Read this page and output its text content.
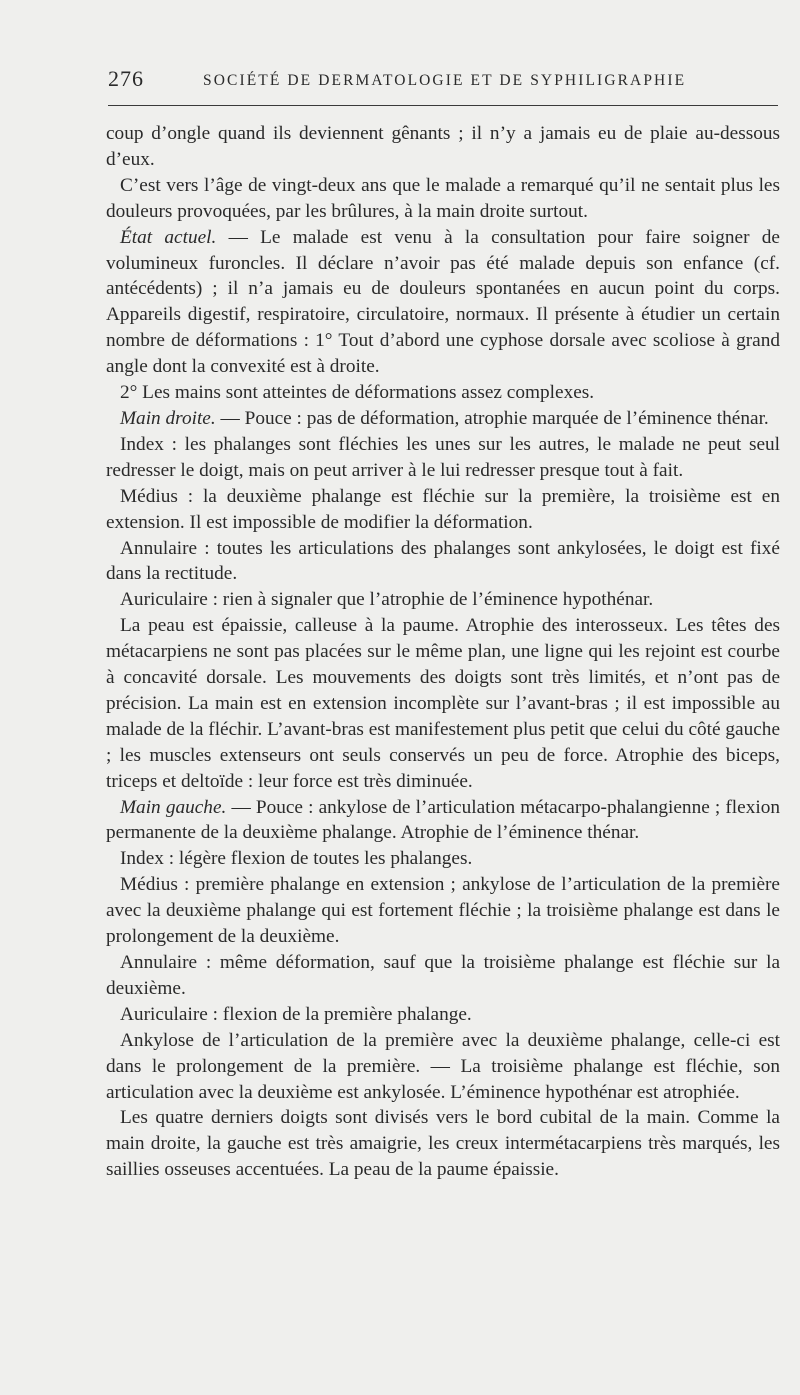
276	SOCIÉTÉ DE DERMATOLOGIE ET DE SYPHILIGRAPHIE

coup d’ongle quand ils deviennent gênants ; il n’y a jamais eu de plaie au-dessous d’eux.

C’est vers l’âge de vingt-deux ans que le malade a remarqué qu’il ne sentait plus les douleurs provoquées, par les brûlures, à la main droite surtout.

État actuel. — Le malade est venu à la consultation pour faire soigner de volumineux furoncles. Il déclare n’avoir pas été malade depuis son enfance (cf. antécédents) ; il n’a jamais eu de douleurs spontanées en aucun point du corps. Appareils digestif, respiratoire, circulatoire, normaux. Il présente à étudier un certain nombre de déformations : 1° Tout d’abord une cyphose dorsale avec scoliose à grand angle dont la convexité est à droite.

2° Les mains sont atteintes de déformations assez complexes.

Main droite. — Pouce : pas de déformation, atrophie marquée de l’éminence thénar.

Index : les phalanges sont fléchies les unes sur les autres, le malade ne peut seul redresser le doigt, mais on peut arriver à le lui redresser presque tout à fait.

Médius : la deuxième phalange est fléchie sur la première, la troisième est en extension. Il est impossible de modifier la déformation.

Annulaire : toutes les articulations des phalanges sont ankylosées, le doigt est fixé dans la rectitude.

Auriculaire : rien à signaler que l’atrophie de l’éminence hypothénar.

La peau est épaissie, calleuse à la paume. Atrophie des interosseux. Les têtes des métacarpiens ne sont pas placées sur le même plan, une ligne qui les rejoint est courbe à concavité dorsale. Les mouvements des doigts sont très limités, et n’ont pas de précision. La main est en extension incomplète sur l’avant-bras ; il est impossible au malade de la fléchir. L’avant-bras est manifestement plus petit que celui du côté gauche ; les muscles extenseurs ont seuls conservés un peu de force. Atrophie des biceps, triceps et deltoïde : leur force est très diminuée.

Main gauche. — Pouce : ankylose de l’articulation métacarpo-phalangienne ; flexion permanente de la deuxième phalange. Atrophie de l’éminence thénar.

Index : légère flexion de toutes les phalanges.

Médius : première phalange en extension ; ankylose de l’articulation de la première avec la deuxième phalange qui est fortement fléchie ; la troisième phalange est dans le prolongement de la deuxième.

Annulaire : même déformation, sauf que la troisième phalange est fléchie sur la deuxième.

Auriculaire : flexion de la première phalange.

Ankylose de l’articulation de la première avec la deuxième phalange, celle-ci est dans le prolongement de la première. — La troisième phalange est fléchie, son articulation avec la deuxième est ankylosée. L’éminence hypothénar est atrophiée.

Les quatre derniers doigts sont divisés vers le bord cubital de la main. Comme la main droite, la gauche est très amaigrie, les creux intermétacarpiens très marqués, les saillies osseuses accentuées. La peau de la paume épaissie.
